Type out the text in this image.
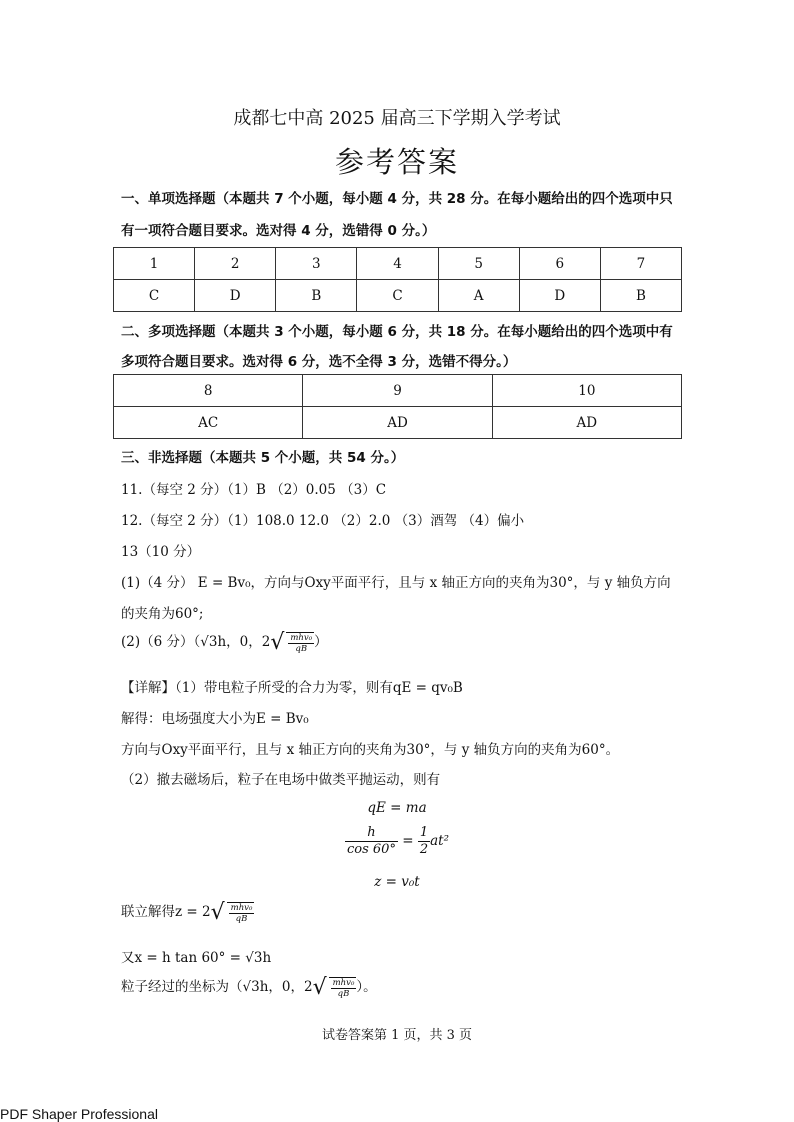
成都七中高 2025 届高三下学期入学考试
参考答案
一、单项选择题（本题共 7 个小题，每小题 4 分，共 28 分。在每小题给出的四个选项中只
有一项符合题目要求。选对得 4 分，选错得 0 分。）
1	2	3	4	5	6	7
C	D	B	C	A	D	B
二、多项选择题（本题共 3 个小题，每小题 6 分，共 18 分。在每小题给出的四个选项中有
多项符合题目要求。选对得 6 分，选不全得 3 分，选错不得分。）
8	9	10
AC	AD	AD
三、非选择题（本题共 5 个小题，共 54 分。）
11.（每空 2 分）（1）B （2）0.05 （3）C
12.（每空 2 分）（1）108.0 12.0 （2）2.0 （3）酒驾 （4）偏小
13（10 分）
(1)（4 分） E = Bv₀，方向与Oxy平面平行，且与 x 轴正方向的夹角为30°，与 y 轴负方向
的夹角为60°;
(2)（6 分）（√3h，0，$2√ \frac{\text{mhv₀}}{qB}$ ）
【详解】（1）带电粒子所受的合力为零，则有qE = qv₀B
解得：电场强度大小为E = Bv₀
方向与Oxy平面平行，且与 x 轴正方向的夹角为30°，与 y 轴负方向的夹角为60°。
（2）撤去磁场后，粒子在电场中做类平抛运动，则有
qE = ma
$\frac{h}{\cos 60^\circ} = \frac{1}{2} at^2$
z = v₀t
联立解得$z = 2√ \frac{\text{mhv₀}}{qB}$
又x = h tan 60° = √3h
粒子经过的坐标为（√3h，0，$2√ \frac{\text{mhv₀}}{qB}$ ）。
试卷答案第 1 页，共 3 页
PDF Shaper Professional
